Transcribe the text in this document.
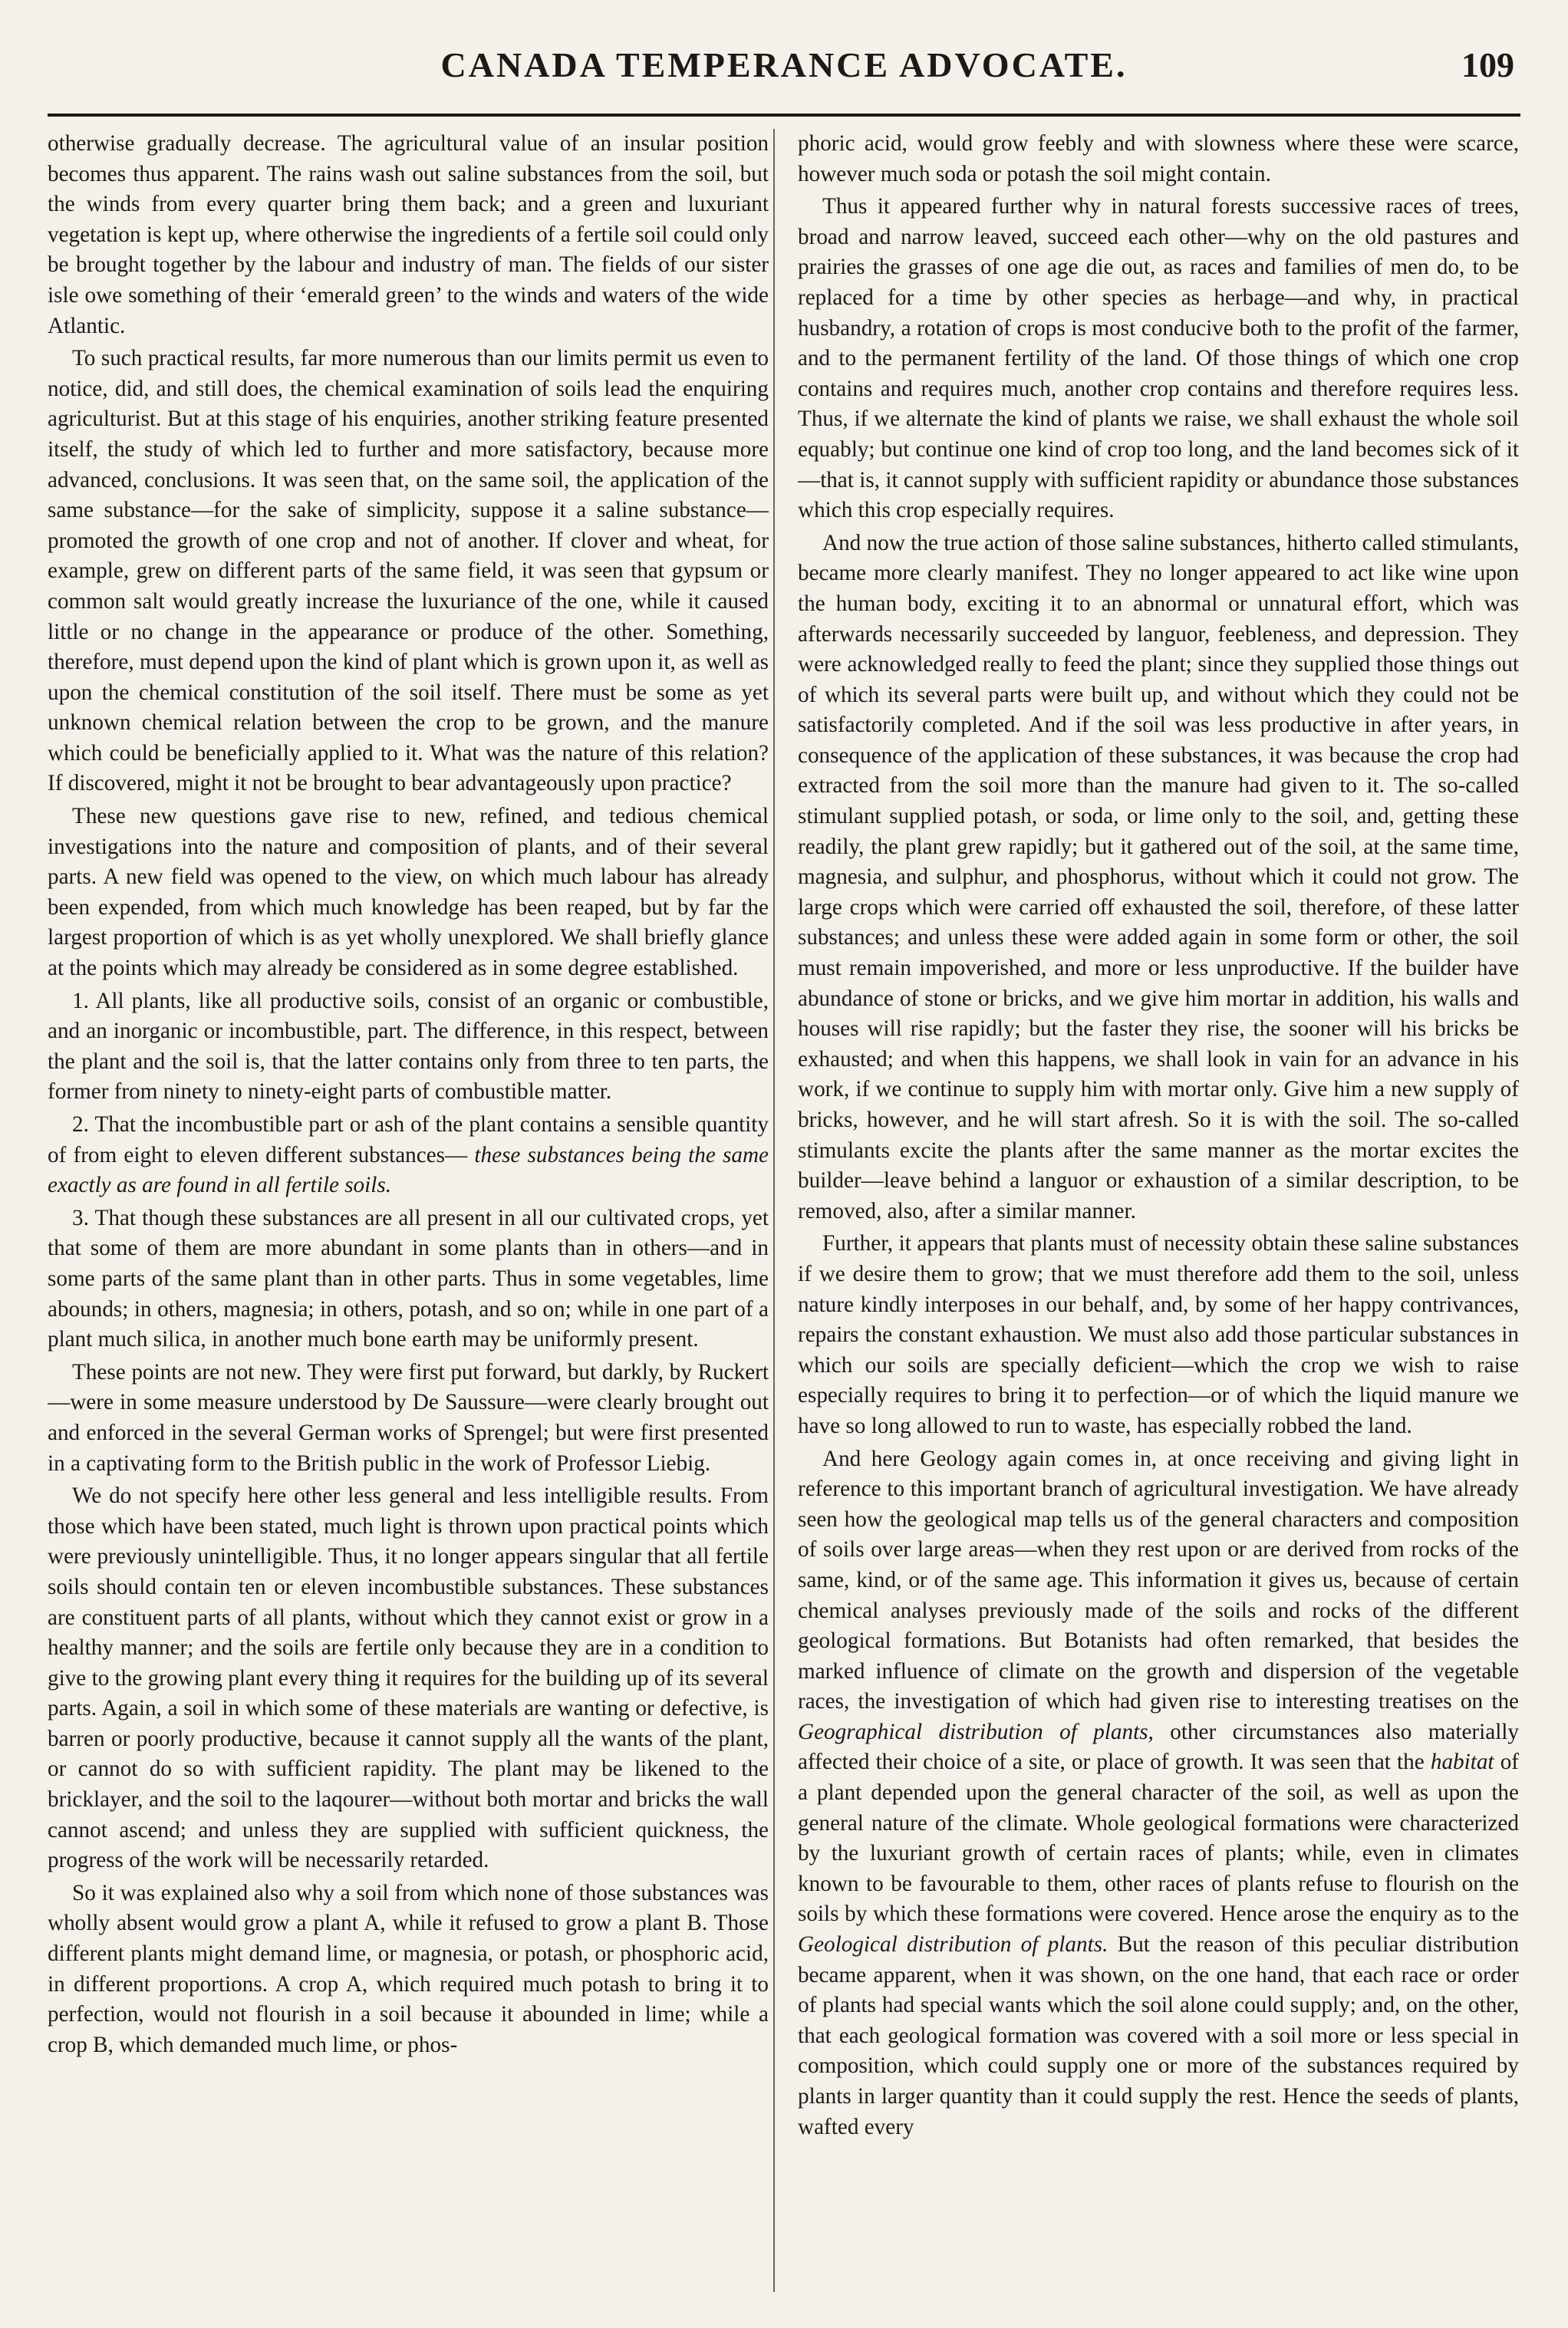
CANADA TEMPERANCE ADVOCATE.	109

otherwise gradually decrease. The agricultural value of an insular position becomes thus apparent. The rains wash out saline substances from the soil, but the winds from every quarter bring them back; and a green and luxuriant vegetation is kept up, where otherwise the ingredients of a fertile soil could only be brought together by the labour and industry of man. The fields of our sister isle owe something of their ‘emerald green’ to the winds and waters of the wide Atlantic.

To such practical results, far more numerous than our limits permit us even to notice, did, and still does, the chemical examination of soils lead the enquiring agriculturist. But at this stage of his enquiries, another striking feature presented itself, the study of which led to further and more satisfactory, because more advanced, conclusions. It was seen that, on the same soil, the application of the same substance—for the sake of simplicity, suppose it a saline substance—promoted the growth of one crop and not of another. If clover and wheat, for example, grew on different parts of the same field, it was seen that gypsum or common salt would greatly increase the luxuriance of the one, while it caused little or no change in the appearance or produce of the other. Something, therefore, must depend upon the kind of plant which is grown upon it, as well as upon the chemical constitution of the soil itself. There must be some as yet unknown chemical relation between the crop to be grown, and the manure which could be beneficially applied to it. What was the nature of this relation? If discovered, might it not be brought to bear advantageously upon practice?

These new questions gave rise to new, refined, and tedious chemical investigations into the nature and composition of plants, and of their several parts. A new field was opened to the view, on which much labour has already been expended, from which much knowledge has been reaped, but by far the largest proportion of which is as yet wholly unexplored. We shall briefly glance at the points which may already be considered as in some degree established.

1. All plants, like all productive soils, consist of an organic or combustible, and an inorganic or incombustible, part. The difference, in this respect, between the plant and the soil is, that the latter contains only from three to ten parts, the former from ninety to ninety-eight parts of combustible matter.

2. That the incombustible part or ash of the plant contains a sensible quantity of from eight to eleven different substances— these substances being the same exactly as are found in all fertile soils.

3. That though these substances are all present in all our cultivated crops, yet that some of them are more abundant in some plants than in others—and in some parts of the same plant than in other parts. Thus in some vegetables, lime abounds; in others, magnesia; in others, potash, and so on; while in one part of a plant much silica, in another much bone earth may be uniformly present.

These points are not new. They were first put forward, but darkly, by Ruckert—were in some measure understood by De Saussure—were clearly brought out and enforced in the several German works of Sprengel; but were first presented in a captivating form to the British public in the work of Professor Liebig.

We do not specify here other less general and less intelligible results. From those which have been stated, much light is thrown upon practical points which were previously unintelligible. Thus, it no longer appears singular that all fertile soils should contain ten or eleven incombustible substances. These substances are constituent parts of all plants, without which they cannot exist or grow in a healthy manner; and the soils are fertile only because they are in a condition to give to the growing plant every thing it requires for the building up of its several parts. Again, a soil in which some of these materials are wanting or defective, is barren or poorly productive, because it cannot supply all the wants of the plant, or cannot do so with sufficient rapidity. The plant may be likened to the bricklayer, and the soil to the laqourer—without both mortar and bricks the wall cannot ascend; and unless they are supplied with sufficient quickness, the progress of the work will be necessarily retarded.

So it was explained also why a soil from which none of those substances was wholly absent would grow a plant A, while it refused to grow a plant B. Those different plants might demand lime, or magnesia, or potash, or phosphoric acid, in different proportions. A crop A, which required much potash to bring it to perfection, would not flourish in a soil because it abounded in lime; while a crop B, which demanded much lime, or phos-

phoric acid, would grow feebly and with slowness where these were scarce, however much soda or potash the soil might contain.

Thus it appeared further why in natural forests successive races of trees, broad and narrow leaved, succeed each other—why on the old pastures and prairies the grasses of one age die out, as races and families of men do, to be replaced for a time by other species as herbage—and why, in practical husbandry, a rotation of crops is most conducive both to the profit of the farmer, and to the permanent fertility of the land. Of those things of which one crop contains and requires much, another crop contains and therefore requires less. Thus, if we alternate the kind of plants we raise, we shall exhaust the whole soil equably; but continue one kind of crop too long, and the land becomes sick of it—that is, it cannot supply with sufficient rapidity or abundance those substances which this crop especially requires.

And now the true action of those saline substances, hitherto called stimulants, became more clearly manifest. They no longer appeared to act like wine upon the human body, exciting it to an abnormal or unnatural effort, which was afterwards necessarily succeeded by languor, feebleness, and depression. They were acknowledged really to feed the plant; since they supplied those things out of which its several parts were built up, and without which they could not be satisfactorily completed. And if the soil was less productive in after years, in consequence of the application of these substances, it was because the crop had extracted from the soil more than the manure had given to it. The so-called stimulant supplied potash, or soda, or lime only to the soil, and, getting these readily, the plant grew rapidly; but it gathered out of the soil, at the same time, magnesia, and sulphur, and phosphorus, without which it could not grow. The large crops which were carried off exhausted the soil, therefore, of these latter substances; and unless these were added again in some form or other, the soil must remain impoverished, and more or less unproductive. If the builder have abundance of stone or bricks, and we give him mortar in addition, his walls and houses will rise rapidly; but the faster they rise, the sooner will his bricks be exhausted; and when this happens, we shall look in vain for an advance in his work, if we continue to supply him with mortar only. Give him a new supply of bricks, however, and he will start afresh. So it is with the soil. The so-called stimulants excite the plants after the same manner as the mortar excites the builder—leave behind a languor or exhaustion of a similar description, to be removed, also, after a similar manner.

Further, it appears that plants must of necessity obtain these saline substances if we desire them to grow; that we must therefore add them to the soil, unless nature kindly interposes in our behalf, and, by some of her happy contrivances, repairs the constant exhaustion. We must also add those particular substances in which our soils are specially deficient—which the crop we wish to raise especially requires to bring it to perfection—or of which the liquid manure we have so long allowed to run to waste, has especially robbed the land.

And here Geology again comes in, at once receiving and giving light in reference to this important branch of agricultural investigation. We have already seen how the geological map tells us of the general characters and composition of soils over large areas—when they rest upon or are derived from rocks of the same, kind, or of the same age. This information it gives us, because of certain chemical analyses previously made of the soils and rocks of the different geological formations. But Botanists had often remarked, that besides the marked influence of climate on the growth and dispersion of the vegetable races, the investigation of which had given rise to interesting treatises on the Geographical distribution of plants, other circumstances also materially affected their choice of a site, or place of growth. It was seen that the habitat of a plant depended upon the general character of the soil, as well as upon the general nature of the climate. Whole geological formations were characterized by the luxuriant growth of certain races of plants; while, even in climates known to be favourable to them, other races of plants refuse to flourish on the soils by which these formations were covered. Hence arose the enquiry as to the Geological distribution of plants. But the reason of this peculiar distribution became apparent, when it was shown, on the one hand, that each race or order of plants had special wants which the soil alone could supply; and, on the other, that each geological formation was covered with a soil more or less special in composition, which could supply one or more of the substances required by plants in larger quantity than it could supply the rest. Hence the seeds of plants, wafted every
